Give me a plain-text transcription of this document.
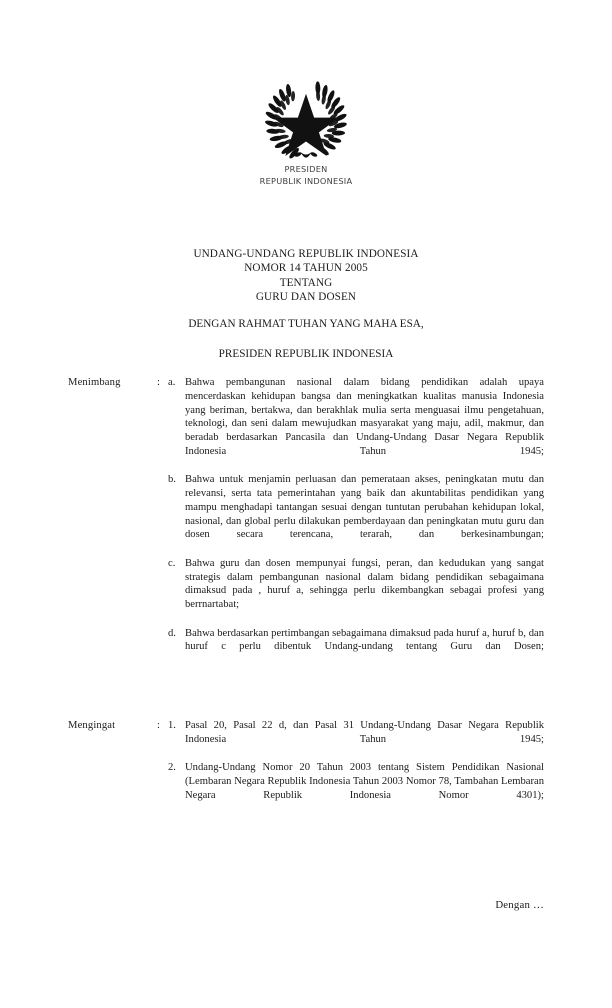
PRESIDEN
REPUBLIK INDONESIA
UNDANG-UNDANG REPUBLIK INDONESIA
NOMOR 14 TAHUN 2005
TENTANG
GURU DAN DOSEN
DENGAN RAHMAT TUHAN YANG MAHA ESA,
PRESIDEN REPUBLIK INDONESIA
Menimbang	: a. Bahwa pembangunan nasional dalam bidang pendidikan adalah upaya mencerdaskan kehidupan bangsa dan meningkatkan kualitas manusia Indonesia yang beriman, bertakwa, dan berakhlak mulia serta menguasai ilmu pengetahuan, teknologi, dan seni dalam mewujudkan masyarakat yang maju, adil, makmur, dan beradab berdasarkan Pancasila dan Undang-Undang Dasar Negara Republik Indonesia Tahun 1945;
b. Bahwa untuk menjamin perluasan dan pemerataan akses, peningkatan mutu dan relevansi, serta tata pemerintahan yang baik dan akuntabilitas pendidikan yang mampu menghadapi tantangan sesuai dengan tuntutan perubahan kehidupan lokal, nasional, dan global perlu dilakukan pemberdayaan dan peningkatan mutu guru dan dosen secara terencana, terarah, dan berkesinambungan;
c. Bahwa guru dan dosen mempunyai fungsi, peran, dan kedudukan yang sangat strategis dalam pembangunan nasional dalam bidang pendidikan sebagaimana dimaksud pada , huruf a, sehingga perlu dikembangkan sebagai profesi yang berrnartabat;
d. Bahwa berdasarkan pertimbangan sebagaimana dimaksud pada huruf a, huruf b, dan huruf c perlu dibentuk Undang-undang tentang Guru dan Dosen;
Mengingat	: 1. Pasal 20, Pasal 22 d, dan Pasal 31 Undang-Undang Dasar Negara Republik Indonesia Tahun 1945;
2. Undang-Undang Nomor 20 Tahun 2003 tentang Sistem Pendidikan Nasional (Lembaran Negara Republik Indonesia Tahun 2003 Nomor 78, Tambahan Lembaran Negara Republik Indonesia Nomor 4301);
Dengan …
